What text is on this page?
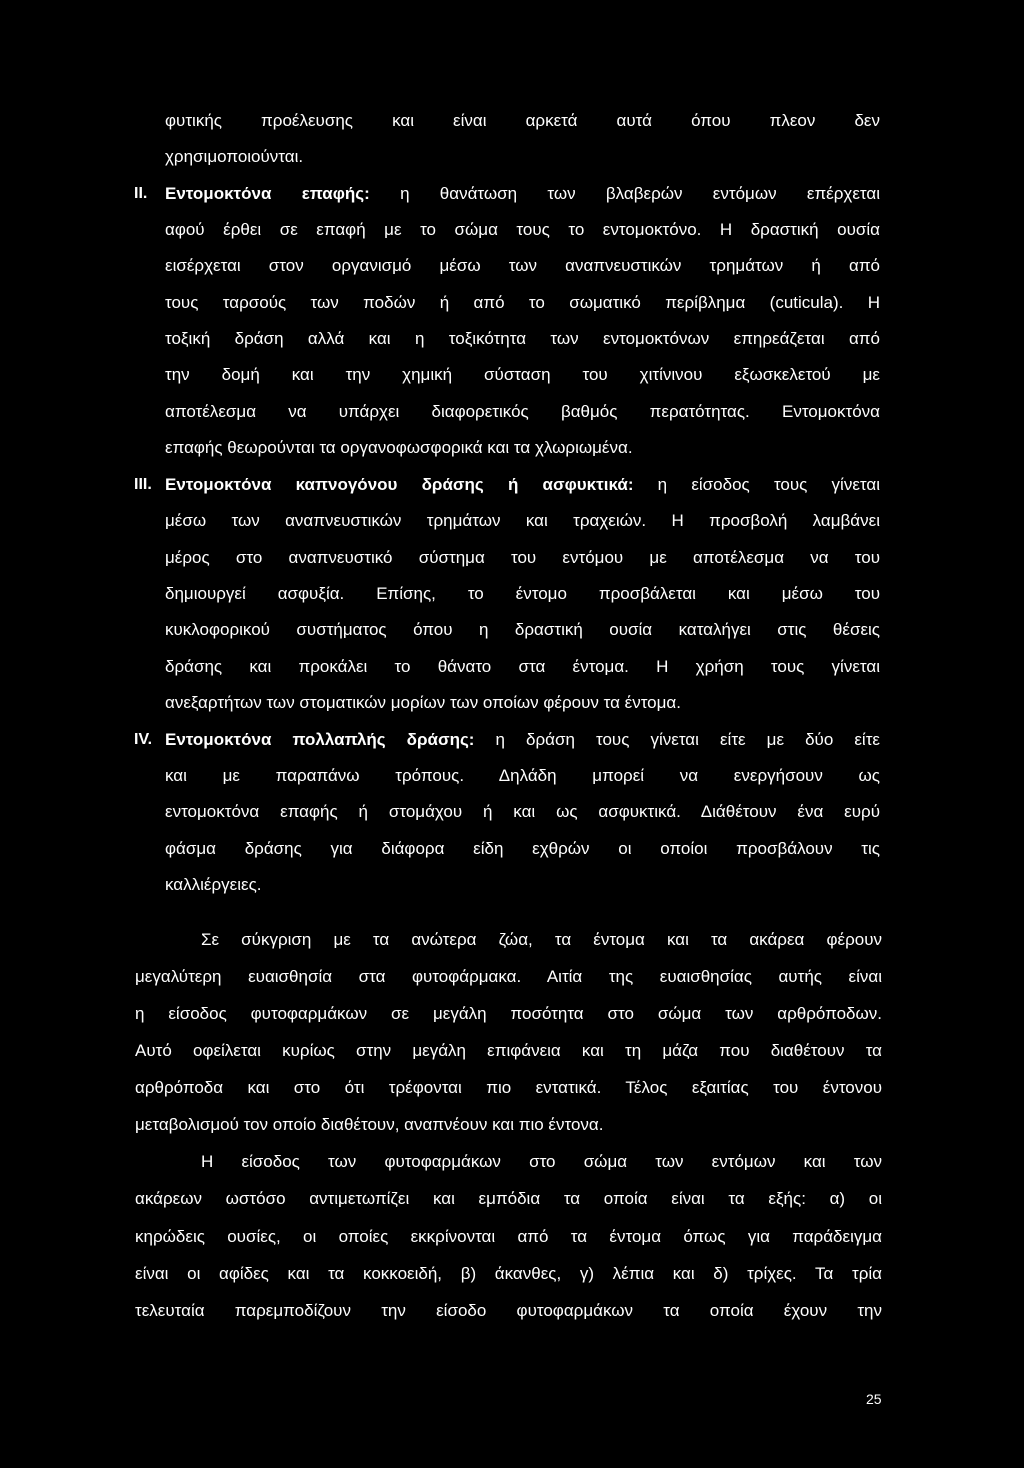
φυτικής προέλευσης και είναι αρκετά αυτά όπου πλεον δεν
χρησιμοποιούνται.
II. Εντομοκτόνα επαφής: η θανάτωση των βλαβερών εντόμων επέρχεται
αφού έρθει σε επαφή με το σώμα τους το εντομοκτόνο. Η δραστική ουσία
εισέρχεται στον οργανισμό μέσω των αναπνευστικών τρημάτων ή από
τους ταρσούς των ποδών ή από το σωματικό περίβλημα (cuticula). Η
τοξική δράση αλλά και η τοξικότητα των εντομοκτόνων επηρεάζεται από
την δομή και την χημική σύσταση του χιτίνινου εξωσκελετού με
αποτέλεσμα να υπάρχει διαφορετικός βαθμός περατότητας. Εντομοκτόνα
επαφής θεωρούνται τα οργανοφωσφορικά και τα χλωριωμένα.
III. Εντομοκτόνα καπνογόνου δράσης ή ασφυκτικά: η είσοδος τους γίνεται
μέσω των αναπνευστικών τρημάτων και τραχειών. Η προσβολή λαμβάνει
μέρος στο αναπνευστικό σύστημα του εντόμου με αποτέλεσμα να του
δημιουργεί ασφυξία. Επίσης, το έντομο προσβάλεται και μέσω του
κυκλοφορικού συστήματος όπου η δραστική ουσία καταλήγει στις θέσεις
δράσης και προκάλει το θάνατο στα έντομα. Η χρήση τους γίνεται
ανεξαρτήτων των στοματικών μορίων των οποίων φέρουν τα έντομα.
IV. Εντομοκτόνα πολλαπλής δράσης: η δράση τους γίνεται είτε με δύο είτε
και με παραπάνω τρόπους. Δηλάδη μπορεί να ενεργήσουν ως
εντομοκτόνα επαφής ή στομάχου ή και ως ασφυκτικά. Διάθέτουν ένα ευρύ
φάσμα δράσης για διάφορα είδη εχθρών οι οποίοι προσβάλουν τις
καλλιέργειες.
Σε σύκγριση με τα ανώτερα ζώα, τα έντομα και τα ακάρεα φέρουν
μεγαλύτερη ευαισθησία στα φυτοφάρμακα. Αιτία της ευαισθησίας αυτής είναι
η είσοδος φυτοφαρμάκων σε μεγάλη ποσότητα στο σώμα των αρθρόποδων.
Αυτό οφείλεται κυρίως στην μεγάλη επιφάνεια και τη μάζα που διαθέτουν τα
αρθρόποδα και στο ότι τρέφονται πιο εντατικά. Τέλος εξαιτίας του έντονου
μεταβολισμού τον οποίο διαθέτουν, αναπνέουν και πιο έντονα.
Η είσοδος των φυτοφαρμάκων στο σώμα των εντόμων και των
ακάρεων ωστόσο αντιμετωπίζει και εμπόδια τα οποία είναι τα εξής: α) οι
κηρώδεις ουσίες, οι οποίες εκκρίνονται από τα έντομα όπως για παράδειγμα
είναι οι αφίδες και τα κοκκοειδή, β) άκανθες, γ) λέπια και δ) τρίχες. Τα τρία
τελευταία παρεμποδίζουν την είσοδο φυτοφαρμάκων τα οποία έχουν την
25
